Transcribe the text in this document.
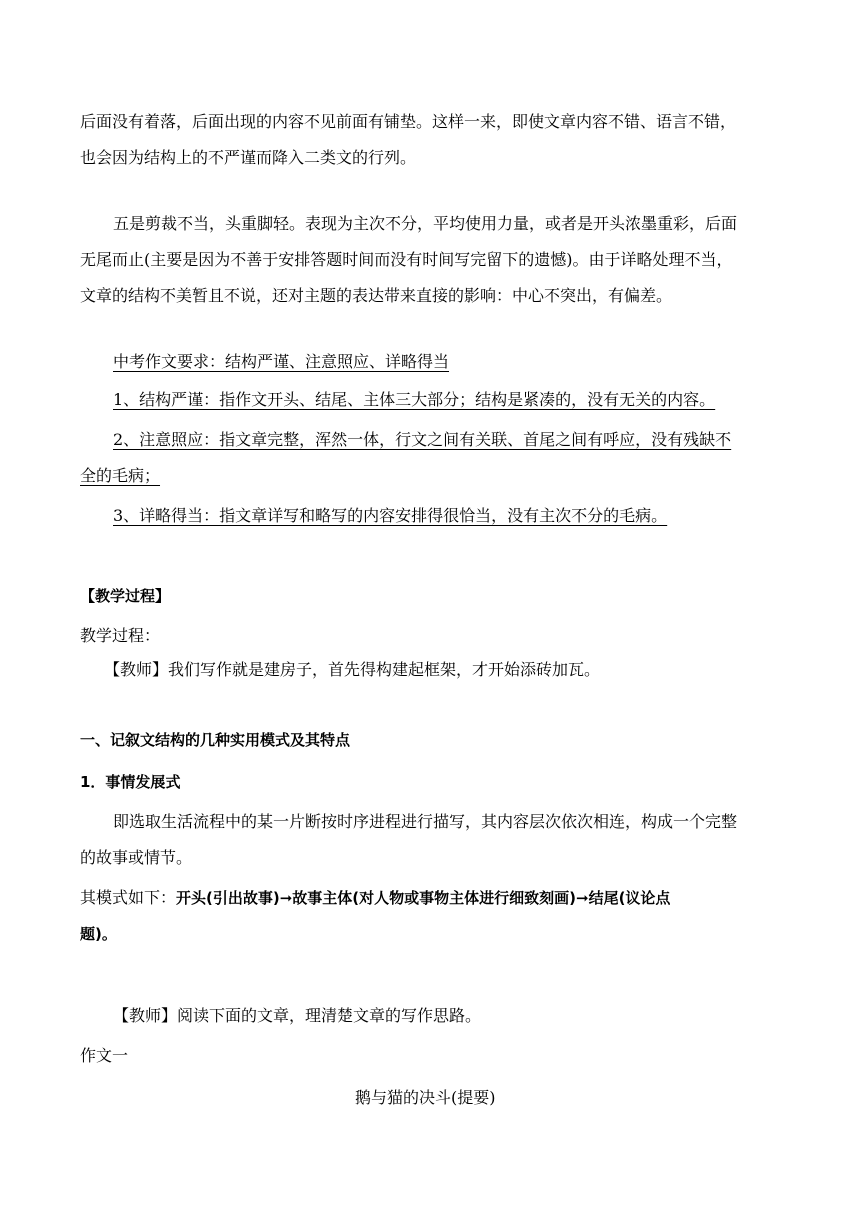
后面没有着落，后面出现的内容不见前面有铺垫。这样一来，即使文章内容不错、语言不错，
也会因为结构上的不严谨而降入二类文的行列。
五是剪裁不当，头重脚轻。表现为主次不分，平均使用力量，或者是开头浓墨重彩，后面
无尾而止(主要是因为不善于安排答题时间而没有时间写完留下的遗憾)。由于详略处理不当，
文章的结构不美暂且不说，还对主题的表达带来直接的影响：中心不突出，有偏差。
中考作文要求：结构严谨、注意照应、详略得当
1、结构严谨：指作文开头、结尾、主体三大部分；结构是紧凑的，没有无关的内容。
2、注意照应：指文章完整，浑然一体，行文之间有关联、首尾之间有呼应，没有残缺不
全的毛病；
3、详略得当：指文章详写和略写的内容安排得很恰当，没有主次不分的毛病。
【教学过程】
教学过程：
【教师】我们写作就是建房子，首先得构建起框架，才开始添砖加瓦。
一、记叙文结构的几种实用模式及其特点
1．事情发展式
即选取生活流程中的某一片断按时序进程进行描写，其内容层次依次相连，构成一个完整
的故事或情节。
其模式如下：开头(引出故事)➞故事主体(对人物或事物主体进行细致刻画)➞结尾(议论点
题)。
【教师】阅读下面的文章，理清楚文章的写作思路。
作文一
鹅与猫的决斗(提要)
